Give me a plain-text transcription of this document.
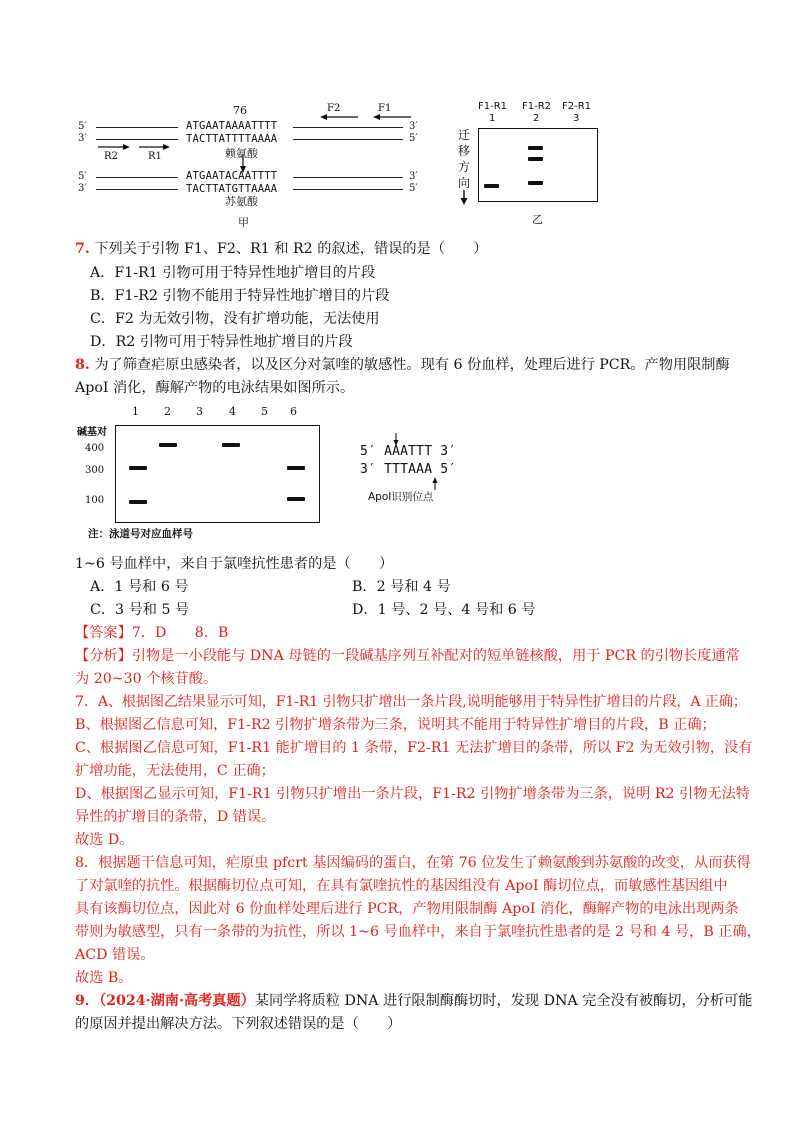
76	F2	F1
5′
3′
ATGAATAAAATTTT
TACTTATTTTAAAA
3′
5′
R2	R1	赖氨酸
5′
3′
ATGAATACAATTTT
TACTTATGTTAAAA
3′
5′
苏氨酸
甲
F1-R1 F1-R2 F2-R1
1	2	3
迁
移
方
向
乙
7. 下列关于引物 F1、F2、R1 和 R2 的叙述，错误的是（　　）
A．F1-R1 引物可用于特异性地扩增目的片段
B．F1-R2 引物不能用于特异性地扩增目的片段
C．F2 为无效引物，没有扩增功能，无法使用
D．R2 引物可用于特异性地扩增目的片段
8. 为了筛查疟原虫感染者，以及区分对氯喹的敏感性。现有 6 份血样，处理后进行 PCR。产物用限制酶
ApoI 消化，酶解产物的电泳结果如图所示。
1 2 3 4 5 6
碱基对
400
300
100
注：泳道号对应血样号
5′ AAATTT 3′
3′ TTTAAA 5′
ApoI识别位点
1~6 号血样中，来自于氯喹抗性患者的是（　　）
A．1 号和 6 号	B．2 号和 4 号
C．3 号和 5 号	D．1 号、2 号、4 号和 6 号
【答案】7．D　　8．B
【分析】引物是一小段能与 DNA 母链的一段碱基序列互补配对的短单链核酸，用于 PCR 的引物长度通常
为 20~30 个核苷酸。
7．A、根据图乙结果显示可知，F1-R1 引物只扩增出一条片段,说明能够用于特异性扩增目的片段，A 正确；
B、根据图乙信息可知，F1-R2 引物扩增条带为三条，说明其不能用于特异性扩增目的片段，B 正确；
C、根据图乙信息可知，F1-R1 能扩增目的 1 条带，F2-R1 无法扩增目的条带，所以 F2 为无效引物，没有
扩增功能，无法使用，C 正确；
D、根据图乙显示可知，F1-R1 引物只扩增出一条片段，F1-R2 引物扩增条带为三条，说明 R2 引物无法特
异性的扩增目的条带，D 错误。
故选 D。
8．根据题干信息可知，疟原虫 pfcrt 基因编码的蛋白，在第 76 位发生了赖氨酸到苏氨酸的改变，从而获得
了对氯喹的抗性。根据酶切位点可知，在具有氯喹抗性的基因组没有 ApoI 酶切位点，而敏感性基因组中
具有该酶切位点，因此对 6 份血样处理后进行 PCR，产物用限制酶 ApoI 消化，酶解产物的电泳出现两条
带则为敏感型，只有一条带的为抗性，所以 1~6 号血样中，来自于氯喹抗性患者的是 2 号和 4 号，B 正确，
ACD 错误。
故选 B。
9．（2024·湖南·高考真题）某同学将质粒 DNA 进行限制酶酶切时，发现 DNA 完全没有被酶切，分析可能
的原因并提出解决方法。下列叙述错误的是（　　）
